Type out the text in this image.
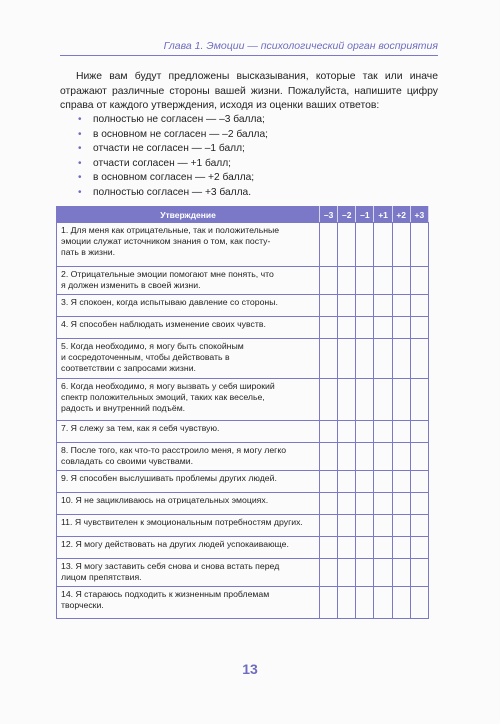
Глава 1. Эмоции — психологический орган восприятия

Ниже вам будут предложены высказывания, которые так или иначе отражают различные стороны вашей жизни. Пожалуйста, напишите цифру справа от каждого утверждения, исходя из оценки ваших ответов:

• полностью не согласен — –3 балла;
• в основном не согласен — –2 балла;
• отчасти не согласен — –1 балл;
• отчасти согласен — +1 балл;
• в основном согласен — +2 балла;
• полностью согласен — +3 балла.
Утверждение	–3	–2	–1	+1	+2	+3
1. Для меня как отрицательные, так и положительные
эмоции служат источником знания о том, как посту-
пать в жизни.						
2. Отрицательные эмоции помогают мне понять, что
я должен изменить в своей жизни.						
3. Я спокоен, когда испытываю давление со стороны.						
4. Я способен наблюдать изменение своих чувств.						
5. Когда необходимо, я могу быть спокойным
и сосредоточенным, чтобы действовать в
соответствии с запросами жизни.						
6. Когда необходимо, я могу вызвать у себя широкий
спектр положительных эмоций, таких как веселье,
радость и внутренний подъём.						
7. Я слежу за тем, как я себя чувствую.						
8. После того, как что-то расстроило меня, я могу легко
совладать со своими чувствами.						
9. Я способен выслушивать проблемы других людей.						
10. Я не зацикливаюсь на отрицательных эмоциях.						
11. Я чувствителен к эмоциональным потребностям других.						
12. Я могу действовать на других людей успокаивающе.						
13. Я могу заставить себя снова и снова встать перед
лицом препятствия.						
14. Я стараюсь подходить к жизненным проблемам
творчески.						
13
